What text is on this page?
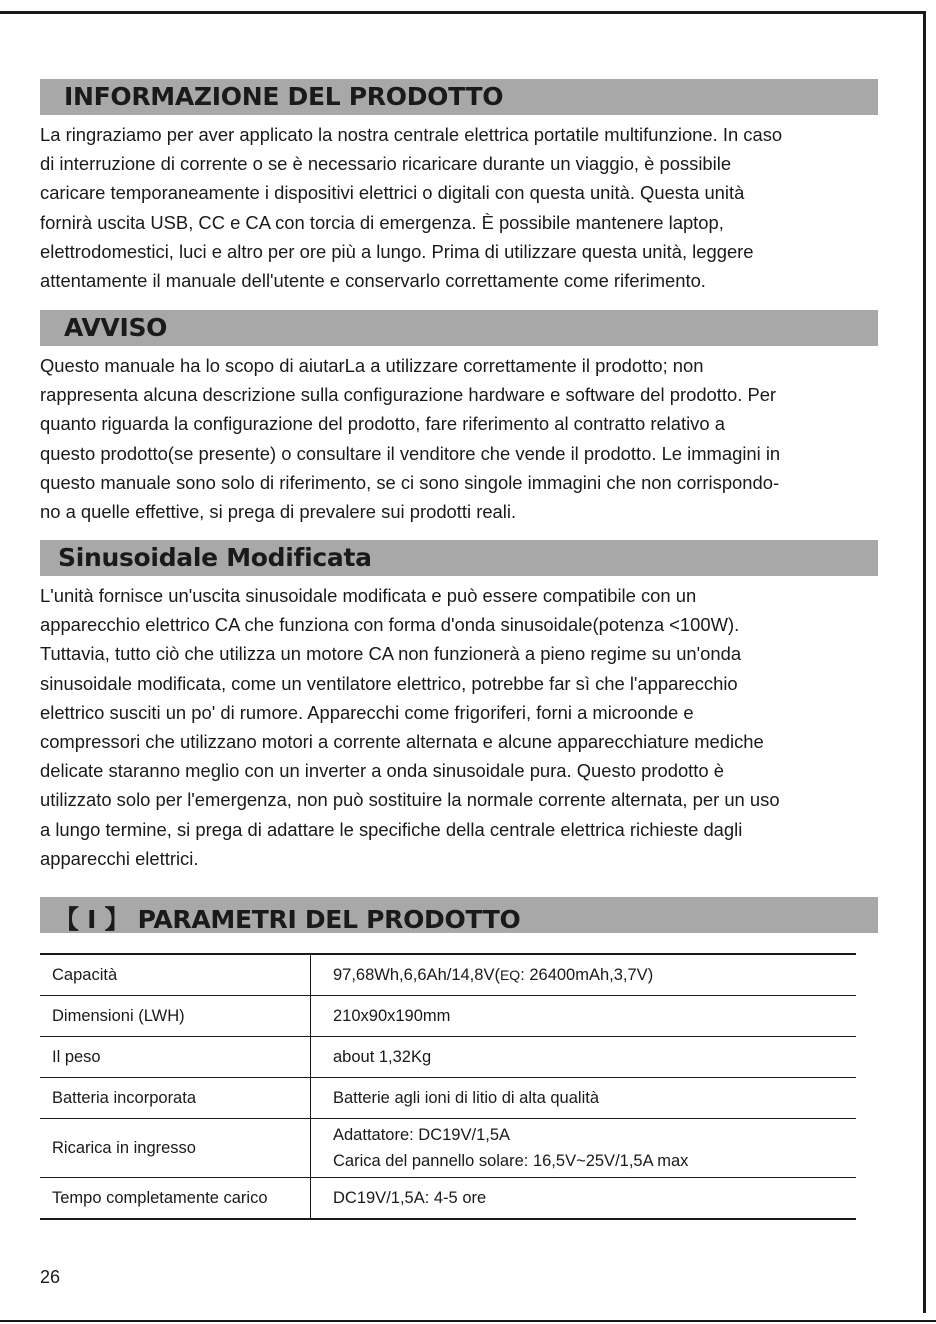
INFORMAZIONE DEL PRODOTTO
La ringraziamo per aver applicato la nostra centrale elettrica portatile multifunzione. In caso
di interruzione di corrente o se è necessario ricaricare durante un viaggio, è possibile
caricare temporaneamente i dispositivi elettrici o digitali con questa unità. Questa unità
fornirà uscita USB, CC e CA con torcia di emergenza. È possibile mantenere laptop,
elettrodomestici, luci e altro per ore più a lungo. Prima di utilizzare questa unità, leggere
attentamente il manuale dell'utente e conservarlo correttamente come riferimento.
AVVISO
Questo manuale ha lo scopo di aiutarLa a utilizzare correttamente il prodotto; non
rappresenta alcuna descrizione sulla configurazione hardware e software del prodotto. Per
quanto riguarda la configurazione del prodotto, fare riferimento al contratto relativo a
questo prodotto(se presente) o consultare il venditore che vende il prodotto. Le immagini in
questo manuale sono solo di riferimento, se ci sono singole immagini che non corrispondo-
no a quelle effettive, si prega di prevalere sui prodotti reali.
Sinusoidale Modificata
L'unità fornisce un'uscita sinusoidale modificata e può essere compatibile con un
apparecchio elettrico CA che funziona con forma d'onda sinusoidale(potenza <100W).
Tuttavia, tutto ciò che utilizza un motore CA non funzionerà a pieno regime su un'onda
sinusoidale modificata, come un ventilatore elettrico, potrebbe far sì che l'apparecchio
elettrico susciti un po' di rumore. Apparecchi come frigoriferi, forni a microonde e
compressori che utilizzano motori a corrente alternata e alcune apparecchiature mediche
delicate staranno meglio con un inverter a onda sinusoidale pura. Questo prodotto è
utilizzato solo per l'emergenza, non può sostituire la normale corrente alternata, per un uso
a lungo termine, si prega di adattare le specifiche della centrale elettrica richieste dagli
apparecchi elettrici.
【 I 】 PARAMETRI DEL PRODOTTO
Capacità	97,68Wh,6,6Ah/14,8V(EQ: 26400mAh,3,7V)
Dimensioni (LWH)	210x90x190mm
Il peso	about 1,32Kg
Batteria incorporata	Batterie agli ioni di litio di alta qualità
Ricarica in ingresso	Adattatore: DC19V/1,5A
Carica del pannello solare: 16,5V~25V/1,5A max

Tempo completamente carico	DC19V/1,5A: 4-5 ore
26
